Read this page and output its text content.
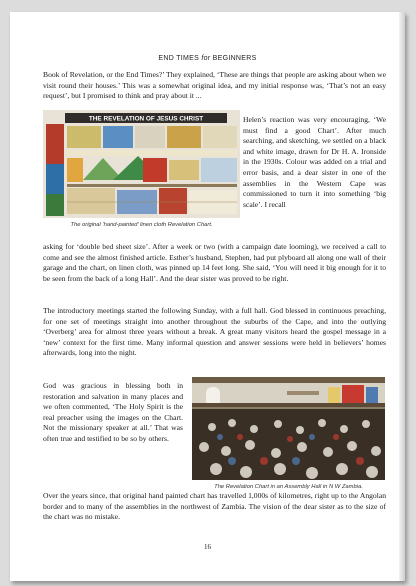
END TIMES for BEGINNERS

Book of Revelation, or the End Times?’ They explained, ‘These are things that people are asking about when we visit round their houses.’ This was a somewhat original idea, and my initial response was, ‘That’s not an easy request’, but I promised to think and pray about it ...

THE REVELATION OF JESUS CHRIST
The original ‘hand-painted’ linen cloth Revelation Chart.

Helen’s reaction was very encouraging, ‘We must find a good Chart’. After much searching, and sketching, we settled on a black and white image, drawn for Dr H. A. Ironside in the 1930s. Colour was added on a trial and error basis, and a dear sister in one of the assemblies in the Western Cape was commissioned to turn it into something ‘big scale’. I recall

asking for ‘double bed sheet size’. After a week or two (with a campaign date looming), we received a call to come and see the almost finished article. Esther’s husband, Stephen, had put plyboard all along one wall of their garage and the chart, on linen cloth, was pinned up 14 feet long. She said, ‘You will need it big enough for it to be seen from the back of a long Hall’. And the dear sister was proved to be right.

The introductory meetings started the following Sunday, with a full hall. God blessed in continuous preaching, for one set of meetings straight into another throughout the suburbs of the Cape, and into the outlying ‘Overberg’ area for almost three years without a break. A great many visitors heard the gospel message in a ‘new’ context for the first time. Many informal question and answer sessions were held in believers’ homes afterwards, long into the night.

God was gracious in blessing both in restoration and salvation in many places and we often commented, ‘The Holy Spirit is the real preacher using the images on the Chart. Not the missionary speaker at all.’ That was often true and testified to be so by others.

The Revelation Chart in an Assembly Hall in N W Zambia.

Over the years since, that original hand painted chart has travelled 1,000s of kilometres, right up to the Angolan border and to many of the assemblies in the northwest of Zambia. The vision of the dear sister as to the size of the chart was no mistake.

16
